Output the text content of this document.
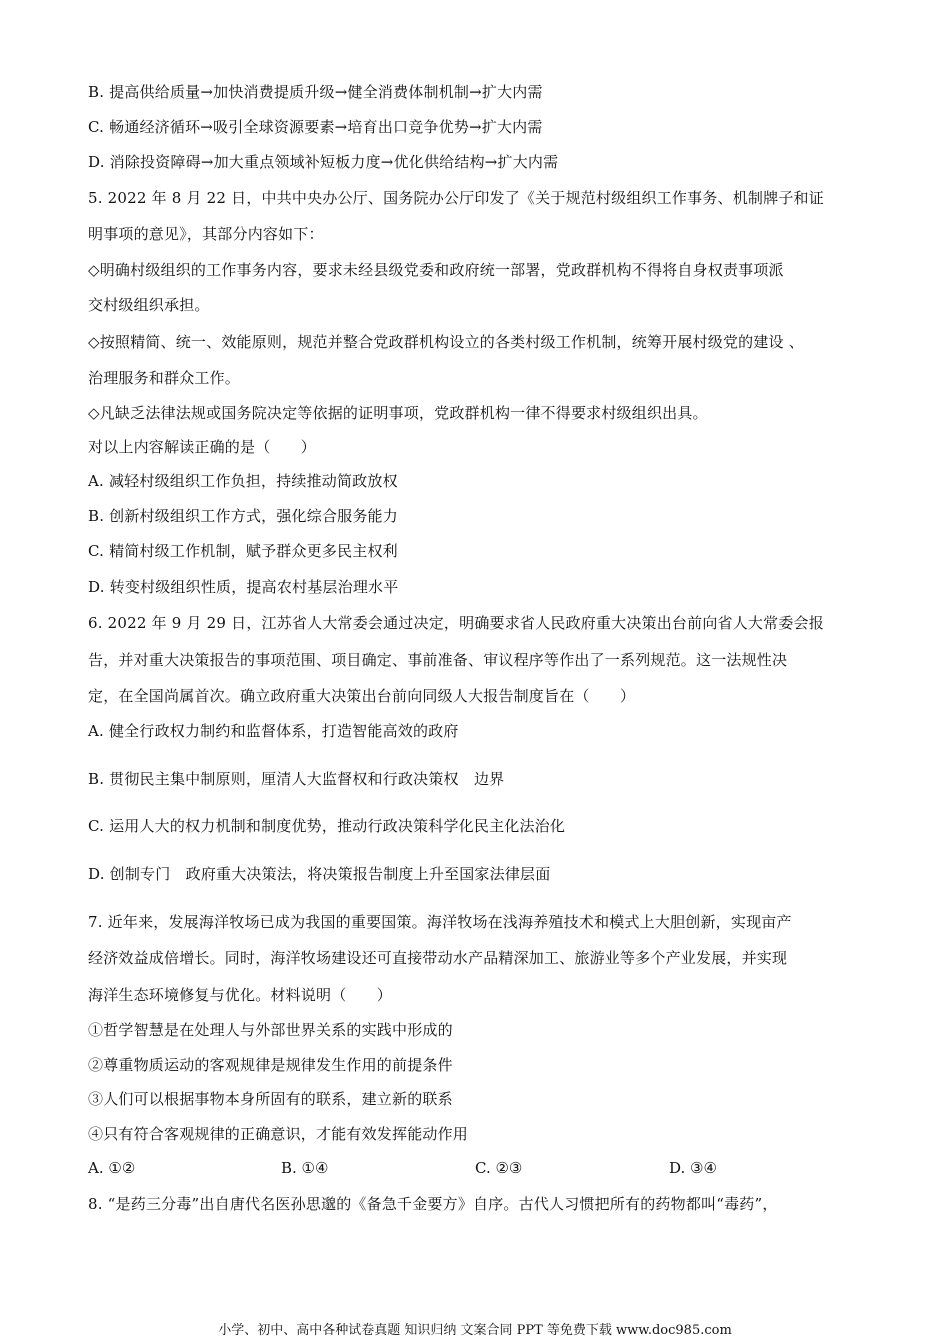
B. 提高供给质量→加快消费提质升级→健全消费体制机制→扩大内需
C. 畅通经济循环→吸引全球资源要素→培育出口竞争优势→扩大内需
D. 消除投资障碍→加大重点领域补短板力度→优化供给结构→扩大内需
5. 2022 年 8 月 22 日，中共中央办公厅、国务院办公厅印发了《关于规范村级组织工作事务、机制牌子和证
明事项的意见》，其部分内容如下：
◇明确村级组织的工作事务内容，要求未经县级党委和政府统一部署，党政群机构不得将自身权责事项派
交村级组织承担。
◇按照精简、统一、效能原则，规范并整合党政群机构设立的各类村级工作机制，统筹开展村级党的建设 、
治理服务和群众工作。
◇凡缺乏法律法规或国务院决定等依据的证明事项，党政群机构一律不得要求村级组织出具。
对以上内容解读正确的是（　　）
A. 减轻村级组织工作负担，持续推动简政放权
B. 创新村级组织工作方式，强化综合服务能力
C. 精简村级工作机制，赋予群众更多民主权利
D. 转变村级组织性质，提高农村基层治理水平
6. 2022 年 9 月 29 日，江苏省人大常委会通过决定，明确要求省人民政府重大决策出台前向省人大常委会报
告，并对重大决策报告的事项范围、项目确定、事前准备、审议程序等作出了一系列规范。这一法规性决
定，在全国尚属首次。确立政府重大决策出台前向同级人大报告制度旨在（　　）
A. 健全行政权力制约和监督体系，打造智能高效的政府
B. 贯彻民主集中制原则，厘清人大监督权和行政决策权　边界
C. 运用人大的权力机制和制度优势，推动行政决策科学化民主化法治化
D. 创制专门　政府重大决策法，将决策报告制度上升至国家法律层面
7. 近年来，发展海洋牧场已成为我国的重要国策。海洋牧场在浅海养殖技术和模式上大胆创新，实现亩产
经济效益成倍增长。同时，海洋牧场建设还可直接带动水产品精深加工、旅游业等多个产业发展，并实现
海洋生态环境修复与优化。材料说明（　　）
①哲学智慧是在处理人与外部世界关系的实践中形成的
②尊重物质运动的客观规律是规律发生作用的前提条件
③人们可以根据事物本身所固有的联系，建立新的联系
④只有符合客观规律的正确意识，才能有效发挥能动作用
A. ①②	B. ①④	C. ②③	D. ③④
8. “是药三分毒”出自唐代名医孙思邈的《备急千金要方》自序。古代人习惯把所有的药物都叫“毒药”，
小学、初中、高中各种试卷真题 知识归纳 文案合同 PPT 等免费下载 www.doc985.com
